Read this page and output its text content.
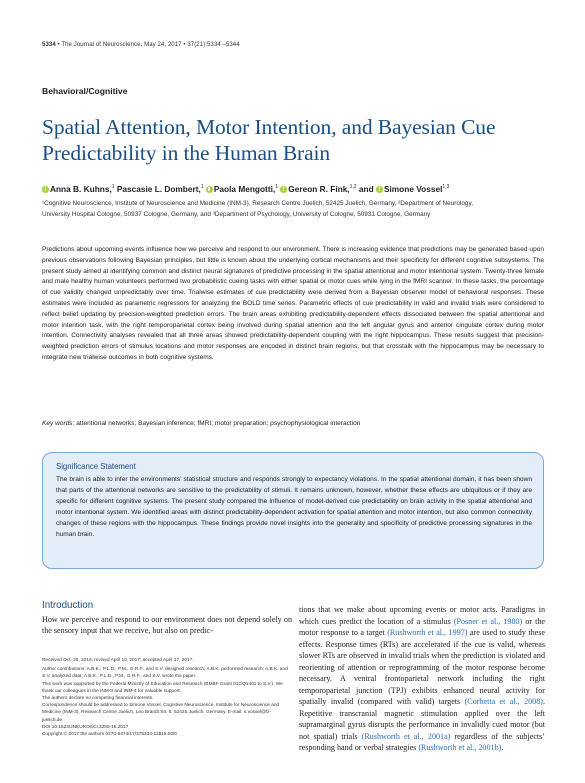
5334 • The Journal of Neuroscience, May 24, 2017 • 37(21):5334 –5344
Behavioral/Cognitive
Spatial Attention, Motor Intention, and Bayesian Cue Predictability in the Human Brain
Anna B. Kuhns,$^1$ Pascasie L. Dombert,$^1$ Paola Mengotti,$^1$ Gereon R. Fink,$^{1,2}$ and Simone Vossel$^{1,3}$
¹Cognitive Neuroscience, Institute of Neuroscience and Medicine (INM-3), Research Centre Juelich, 52425 Juelich, Germany, ²Department of Neurology,
University Hospital Cologne, 50937 Cologne, Germany, and ³Department of Psychology, University of Cologne, 50931 Cologne, Germany

Predictions about upcoming events influence how we perceive and respond to our environment. There is increasing evidence that predictions may be generated based upon previous observations following Bayesian principles, but little is known about the underlying cortical mechanisms and their specificity for different cognitive subsystems. The present study aimed at identifying common and distinct neural signatures of predictive processing in the spatial attentional and motor intentional system. Twenty-three female and male healthy human volunteers performed two probabilistic cueing tasks with either spatial or motor cues while lying in the fMRI scanner. In these tasks, the percentage of cue validity changed unpredictably over time. Trialwise estimates of cue predictability were derived from a Bayesian observer model of behavioral responses. These estimates were included as parametric regressors for analyzing the BOLD time series. Parametric effects of cue predictability in valid and invalid trials were considered to reflect belief updating by precision-weighted prediction errors. The brain areas exhibiting predictability-dependent effects dissociated between the spatial attentional and motor intention task, with the right temporoparietal cortex being involved during spatial attention and the left angular gyrus and anterior cingulate cortex during motor intention. Connectivity analyses revealed that all three areas showed predictability-dependent coupling with the right hippocampus. These results suggest that precision-weighted prediction errors of stimulus locations and motor responses are encoded in distinct brain regions, but that crosstalk with the hippocampus may be necessary to integrate new trialwise outcomes in both cognitive systems.

Key words: attentional networks; Bayesian inference; fMRI; motor preparation; psychophysiological interaction
Significance Statement

The brain is able to infer the environments’ statistical structure and responds strongly to expectancy violations. In the spatial attentional domain, it has been shown that parts of the attentional networks are sensitive to the predictability of stimuli. It remains unknown, however, whether these effects are ubiquitous or if they are specific for different cognitive systems. The present study compared the influence of model-derived cue predictability on brain activity in the spatial attentional and motor intentional system. We identified areas with distinct predictability-dependent activation for spatial attention and motor intention, but also common connectivity changes of these regions with the hippocampus. These findings provide novel insights into the generality and specificity of predictive processing signatures in the human brain.

Introduction

How we perceive and respond to our environment does not depend solely on the sensory input that we receive, but also on predic-

Received Oct. 28, 2016; revised April 10, 2017; accepted April 17, 2017.

Author contributions: A.B.K., P.L.D., P.M., G.R.F., and S.V. designed research; A.B.K. performed research; A.B.K. and S.V. analyzed data; A.B.K., P.L.D., P.M., G.R.F., and S.V. wrote the paper.

This work was supported by the Federal Ministry of Education and Research (BMBF Grant 01GQ1401 to S.V.). We thank our colleagues in the INM-3 and INM-4 for valuable support.

The authors declare no competing financial interests.

Correspondence should be addressed to Simone Vossel, Cognitive Neuroscience, Institute for Neuroscience and Medicine (INM-3), Research Centre Juelich, Leo Brandt Str. 5, 52425 Juelich, Germany. E-mail: s.vossel@fz-juelich.de.

DOI:10.1523/JNEUROSCI.3255-16.2017

Copyright © 2017 the authors 0270-6474/17/375334-11$15.00/0

tions that we make about upcoming events or motor acts. Paradigms in which cues predict the location of a stimulus (Posner et al., 1980) or the motor response to a target (Rushworth et al., 1997) are used to study these effects. Response times (RTs) are accelerated if the cue is valid, whereas slower RTs are observed in invalid trials when the prediction is violated and reorienting of attention or reprogramming of the motor response become necessary. A ventral frontoparietal network including the right temporoparietal junction (TPJ) exhibits enhanced neural activity for spatially invalid (compared with valid) targets (Corbetta et al., 2008). Repetitive transcranial magnetic stimulation applied over the left supramarginal gyrus disrupts the performance in invalidly cued motor (but not spatial) trials (Rushworth et al., 2001a) regardless of the subjects’ responding hand or verbal strategies (Rushworth et al., 2001b).
